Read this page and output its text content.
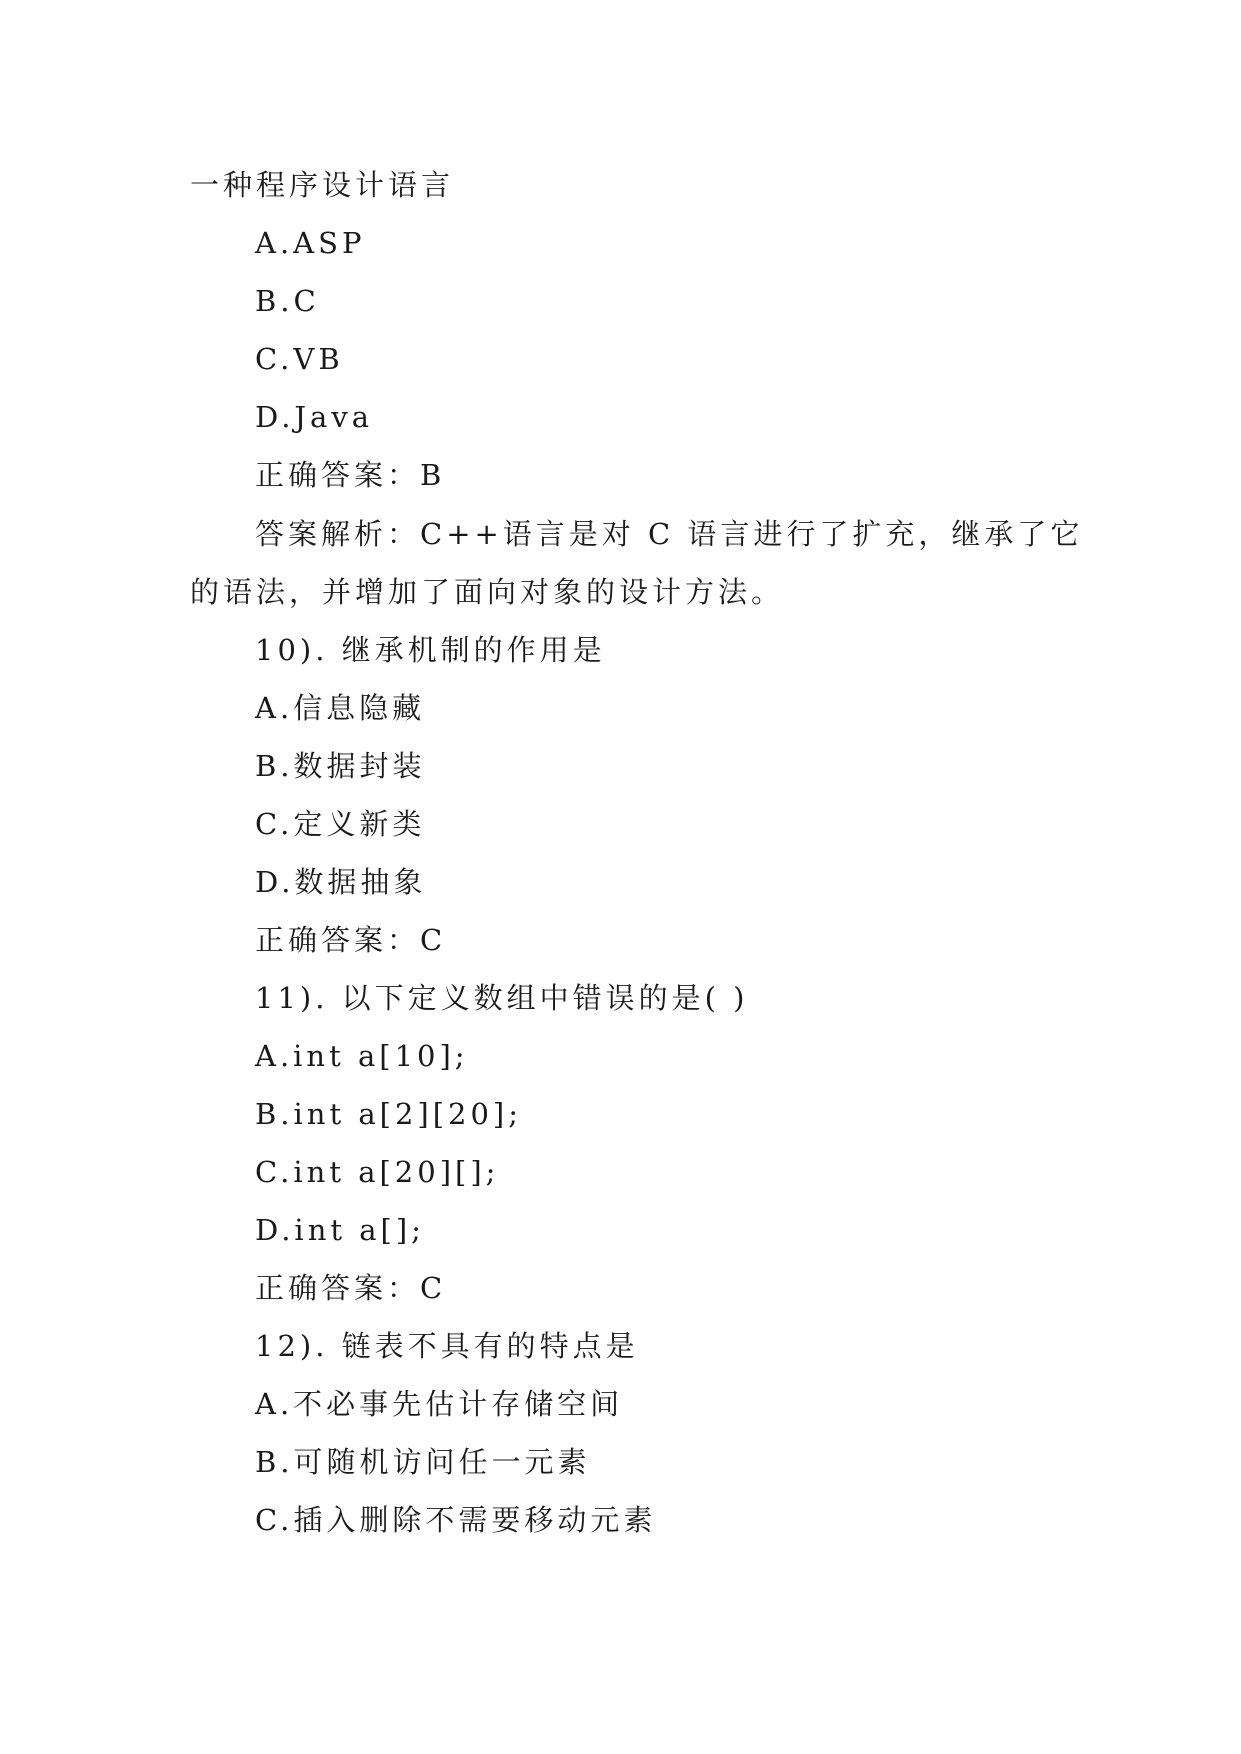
一种程序设计语言
A.ASP
B.C
C.VB
D.Java
正确答案：B
答案解析：C++语言是对 C 语言进行了扩充，继承了它
的语法，并增加了面向对象的设计方法。
10). 继承机制的作用是
A.信息隐藏
B.数据封装
C.定义新类
D.数据抽象
正确答案：C
11). 以下定义数组中错误的是( )
A.int a[10];
B.int a[2][20];
C.int a[20][];
D.int a[];
正确答案：C
12). 链表不具有的特点是
A.不必事先估计存储空间
B.可随机访问任一元素
C.插入删除不需要移动元素
